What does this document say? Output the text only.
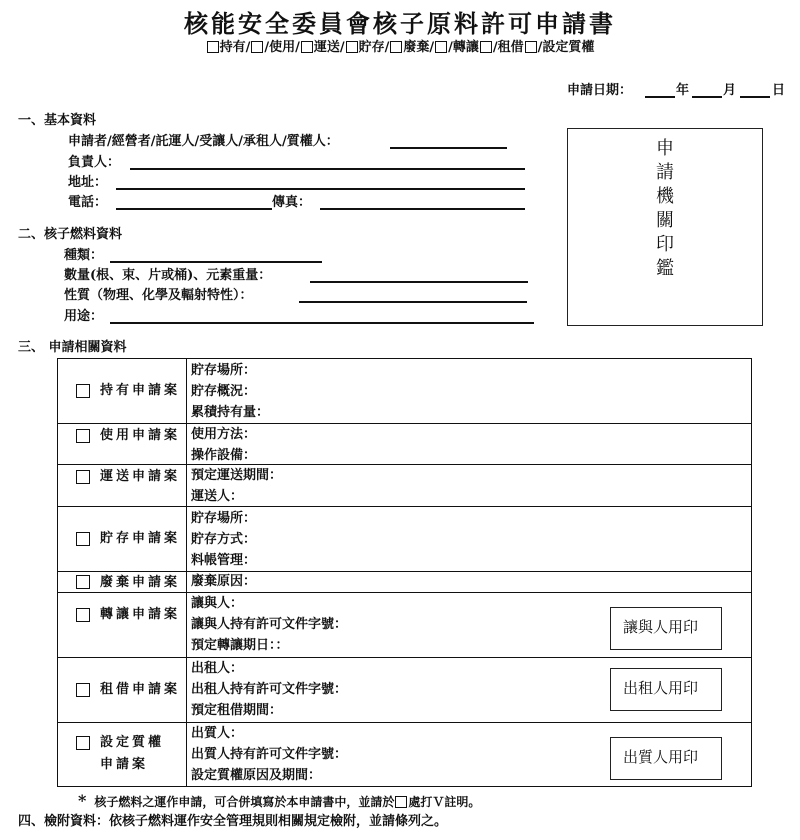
核能安全委員會核子原料許可申請書
持有/ /使用/ 運送/ 貯存/ 廢棄/ /轉讓 /租借 /設定質權
申請日期：	年	月	日
一、基本資料
申請者/經營者/託運人/受讓人/承租人/質權人：
負責人：
地址：
電話：	傳真：
申
請
機
關
印
鑑
二、核子燃料資料
種類：
數量(根、束、片或桶)、元素重量：
性質（物理、化學及輻射特性）：
用途：
三、 申請相關資料
持有申請案
貯存場所：
貯存概況：
累積持有量：
使用申請案 使用方法：
操作設備：
運送申請案 預定運送期間：
運送人：
貯存申請案
貯存場所：
貯存方式：
料帳管理：
廢棄申請案 廢棄原因：
轉讓申請案
讓與人：
讓與人持有許可文件字號：
預定轉讓期日：：
讓與人用印
租借申請案
出租人：
出租人持有許可文件字號：
預定租借期間：
出租人用印
設定質權申請案
出質人：
出質人持有許可文件字號：
設定質權原因及期間：
出質人用印
* 核子燃料之運作申請，可合併填寫於本申請書中，並請於 處打Ｖ註明。
四、檢附資料：依核子燃料運作安全管理規則相關規定檢附，並請條列之。
